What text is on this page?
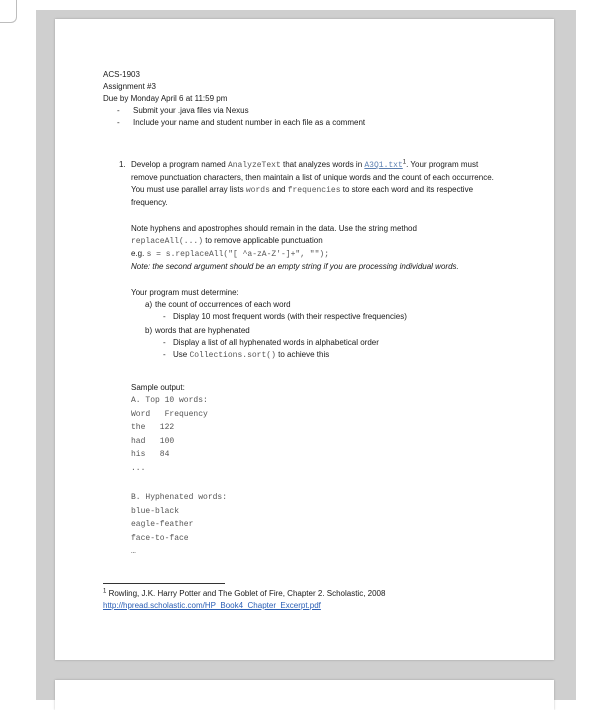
ACS-1903
Assignment #3
Due by Monday April 6 at 11:59 pm
-	Submit your .java files via Nexus
-	Include your name and student number in each file as a comment
1. Develop a program named AnalyzeText that analyzes words in A3Q1.txt$^1$. Your program must remove punctuation characters, then maintain a list of unique words and the count of each occurrence. You must use parallel array lists words and frequencies to store each word and its respective frequency.
Note hyphens and apostrophes should remain in the data. Use the string method
replaceAll(...) to remove applicable punctuation
e.g. s = s.replaceAll("[ ^a-zA-Z'-]+", "");
Note: the second argument should be an empty string if you are processing individual words.
Your program must determine:
a) the count of occurrences of each word
- Display 10 most frequent words (with their respective frequencies)
b) words that are hyphenated
- Display a list of all hyphenated words in alphabetical order
- Use Collections.sort() to achieve this
Sample output:
A. Top 10 words:
Word   Frequency
the   122
had   100
his   84
...
B. Hyphenated words:
blue-black
eagle-feather
face-to-face
…
$^1$ Rowling, J.K. Harry Potter and The Goblet of Fire, Chapter 2. Scholastic, 2008
http://hpread.scholastic.com/HP_Book4_Chapter_Excerpt.pdf
